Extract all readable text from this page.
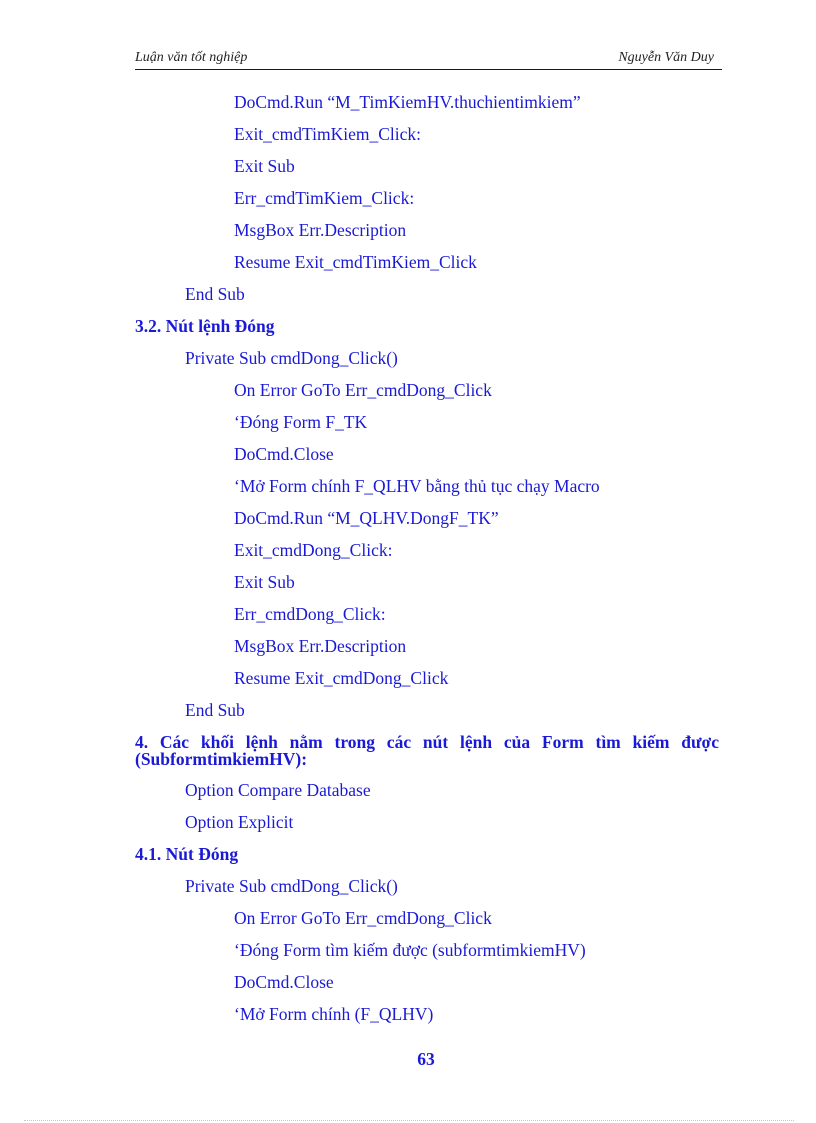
Luận văn tốt nghiệp	Nguyễn Văn Duy
DoCmd.Run “M_TimKiemHV.thuchientimkiem”
Exit_cmdTimKiem_Click:
Exit Sub
Err_cmdTimKiem_Click:
MsgBox Err.Description
Resume Exit_cmdTimKiem_Click
End Sub
3.2. Nút lệnh Đóng
Private Sub cmdDong_Click()
On Error GoTo Err_cmdDong_Click
‘Đóng Form F_TK
DoCmd.Close
‘Mở Form chính F_QLHV bằng thủ tục chạy Macro
DoCmd.Run “M_QLHV.DongF_TK”
Exit_cmdDong_Click:
Exit Sub
Err_cmdDong_Click:
MsgBox Err.Description
Resume Exit_cmdDong_Click
End Sub
4. Các khối lệnh nằm trong các nút lệnh của Form tìm kiếm được (SubformtimkiemHV):
Option Compare Database
Option Explicit
4.1. Nút Đóng
Private Sub cmdDong_Click()
On Error GoTo Err_cmdDong_Click
‘Đóng Form tìm kiếm được (subformtimkiemHV)
DoCmd.Close
‘Mở Form chính (F_QLHV)
63
